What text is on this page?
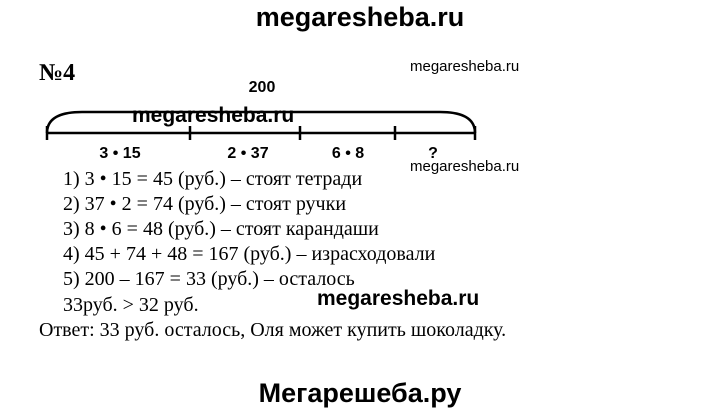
megaresheba.ru
№4
200
3 • 15	2 • 37	6 • 8	?
megaresheba.ru
megaresheba.ru
megaresheba.ru
1) 3 • 15 = 45 (руб.) – стоят тетради
2) 37 • 2 = 74 (руб.) – стоят ручки
3) 8 • 6 = 48 (руб.) – стоят карандаши
4) 45 + 74 + 48 = 167 (руб.) – израсходовали
5) 200 – 167 = 33 (руб.) – осталось
33руб. > 32 руб.	megaresheba.ru
Ответ: 33 руб. осталось, Оля может купить шоколадку.
Мегарешеба.ру
